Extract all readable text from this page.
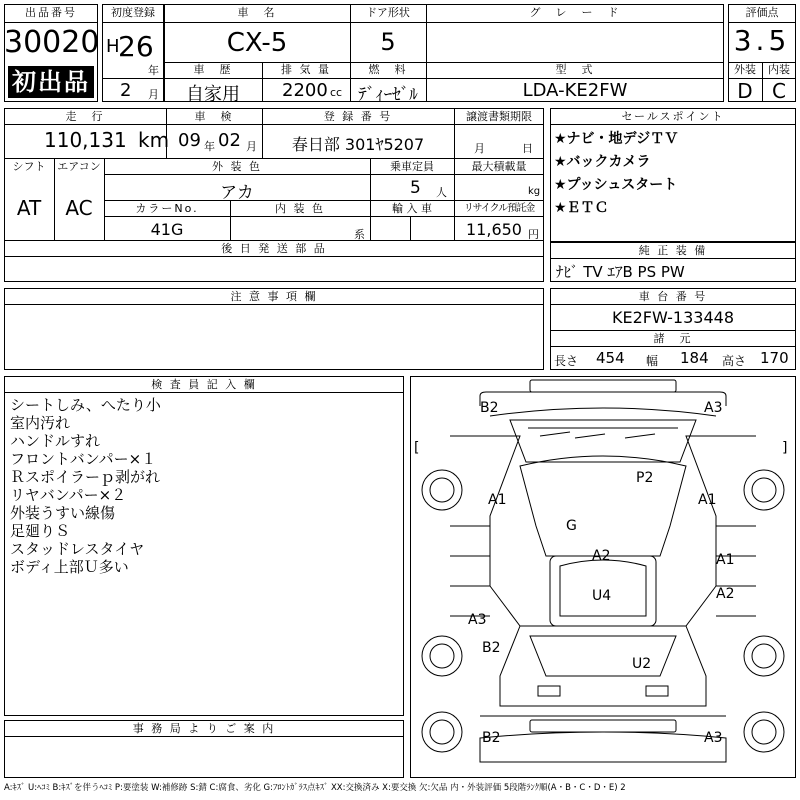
出品番号
30020
初出品
初度登録
H
26
年
2 月
車　名
CX-5
ドア形状
5
グ　レ　ー　ド
車　歴
自家用
排 気 量
2200 cc
燃　料
ﾃﾞｨｰｾﾞﾙ
型　式
LDA-KE2FW
評価点
3.5
外装	内装
D C
走　行
110,131 km
車　検
09 年 02 月
登 録 番 号
春日部 301ﾔ5207
譲渡書類期限
月	日
シフト
AT
エアコン
AC
外 装 色
アカ
乗車定員
5 人
最大積載量
kg
カラーNo.
41G
内 装 色
系
輸 入 車	リサイクル預託金
11,650 円
後 日 発 送 部 品
セールスポイント
★ナビ・地デジＴＶ
★バックカメラ
★プッシュスタート
★ＥＴＣ
純 正 装 備
ﾅﾋﾞ TV ｴｱB PS PW
注 意 事 項 欄	車 台 番 号
KE2FW-133448
諸　元
長さ 454 幅 184 高さ 170
検 査 員 記 入 欄
シートしみ、へたり小
室内汚れ
ハンドルすれ
フロントバンパー×１
Ｒスポイラーｐ剥がれ
リヤバンパー×２
外装うすい線傷
足廻りＳ
スタッドレスタイヤ
ボディ上部Ｕ多い
事 務 局 よ り ご 案 内
[	]
B2	A3
P2
A1	A1
G
A2	A1
A2
U4
A3
B2
U2
B2	A3
A:ｷｽﾞ U:ﾍｺﾐ B:ｷｽﾞを伴うﾍｺﾐ P:要塗装 W:補修跡 S:錆 C:腐食、劣化 G:ﾌﾛﾝﾄｶﾞﾗｽ点ｷｽﾞ XX:交換済み X:要交換 欠:欠品 内・外装評価 5段階ﾗﾝｸ順(A・B・C・D・E) 2
